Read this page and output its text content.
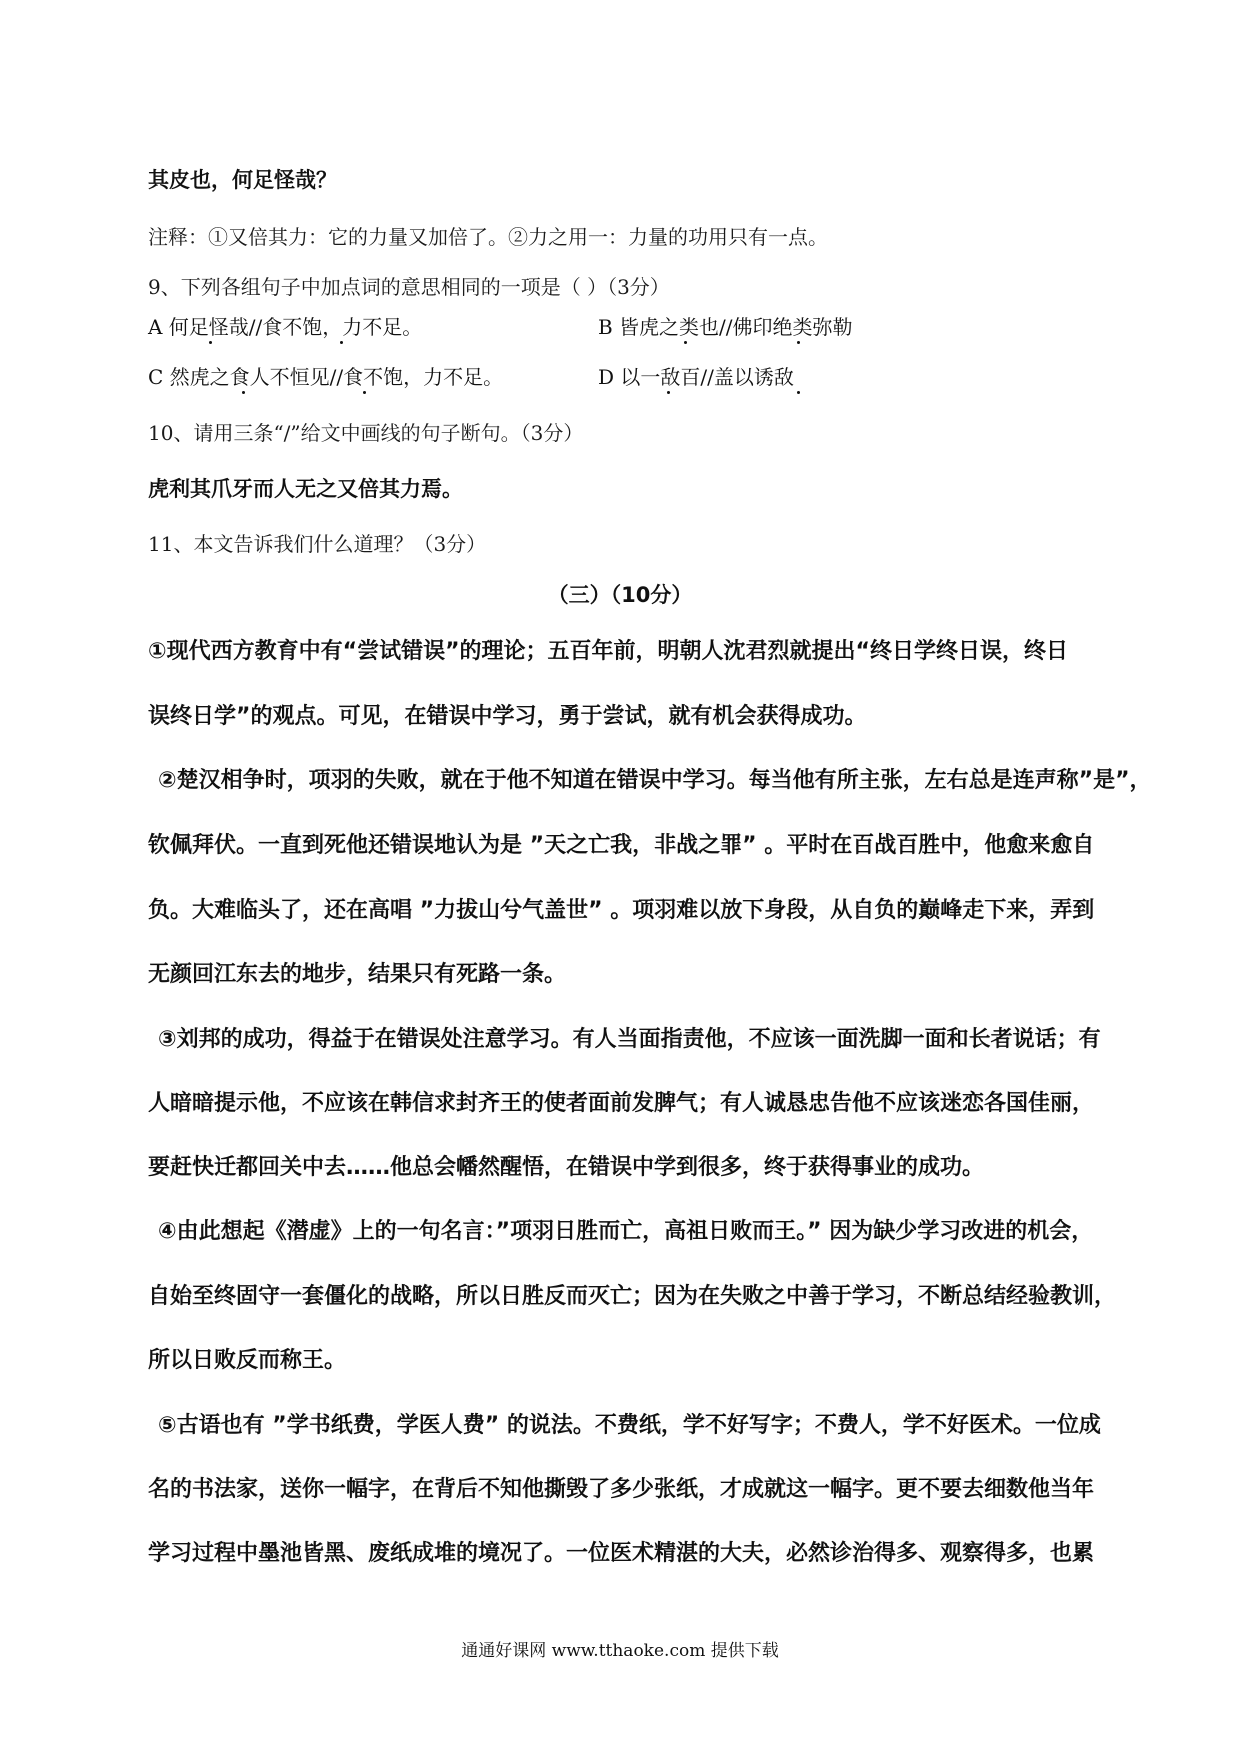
其皮也，何足怪哉？
注释：①又倍其力：它的力量又加倍了。②力之用一：力量的功用只有一点。
9、下列各组句子中加点词的意思相同的一项是（ ）（3分）
A 何足怪哉//食不饱，力不足。	B 皆虎之类也//佛印绝类弥勒
C 然虎之食人不恒见//食不饱，力不足。	D 以一敌百//盖以诱敌
10、请用三条“/”给文中画线的句子断句。（3分）
虎利其爪牙而人无之又倍其力焉。
11、本文告诉我们什么道理？（3分）
（三）（10分）
①现代西方教育中有“尝试错误”的理论；五百年前，明朝人沈君烈就提出“终日学终日误，终日
误终日学”的观点。可见，在错误中学习，勇于尝试，就有机会获得成功。
②楚汉相争时，项羽的失败，就在于他不知道在错误中学习。每当他有所主张，左右总是连声称”是”，
钦佩拜伏。一直到死他还错误地认为是 ”天之亡我，非战之罪” 。平时在百战百胜中，他愈来愈自
负。大难临头了，还在高唱 ”力拔山兮气盖世” 。项羽难以放下身段，从自负的巅峰走下来，弄到
无颜回江东去的地步，结果只有死路一条。
③刘邦的成功，得益于在错误处注意学习。有人当面指责他，不应该一面洗脚一面和长者说话；有
人暗暗提示他，不应该在韩信求封齐王的使者面前发脾气；有人诚恳忠告他不应该迷恋各国佳丽，
要赶快迁都回关中去……他总会幡然醒悟，在错误中学到很多，终于获得事业的成功。
④由此想起《潜虚》上的一句名言：”项羽日胜而亡，高祖日败而王。” 因为缺少学习改进的机会，
自始至终固守一套僵化的战略，所以日胜反而灭亡；因为在失败之中善于学习，不断总结经验教训，
所以日败反而称王。
⑤古语也有 ”学书纸费，学医人费” 的说法。不费纸，学不好写字；不费人，学不好医术。一位成
名的书法家，送你一幅字，在背后不知他撕毁了多少张纸，才成就这一幅字。更不要去细数他当年
学习过程中墨池皆黑、废纸成堆的境况了。一位医术精湛的大夫，必然诊治得多、观察得多，也累
通通好课网 www.tthaoke.com 提供下载
